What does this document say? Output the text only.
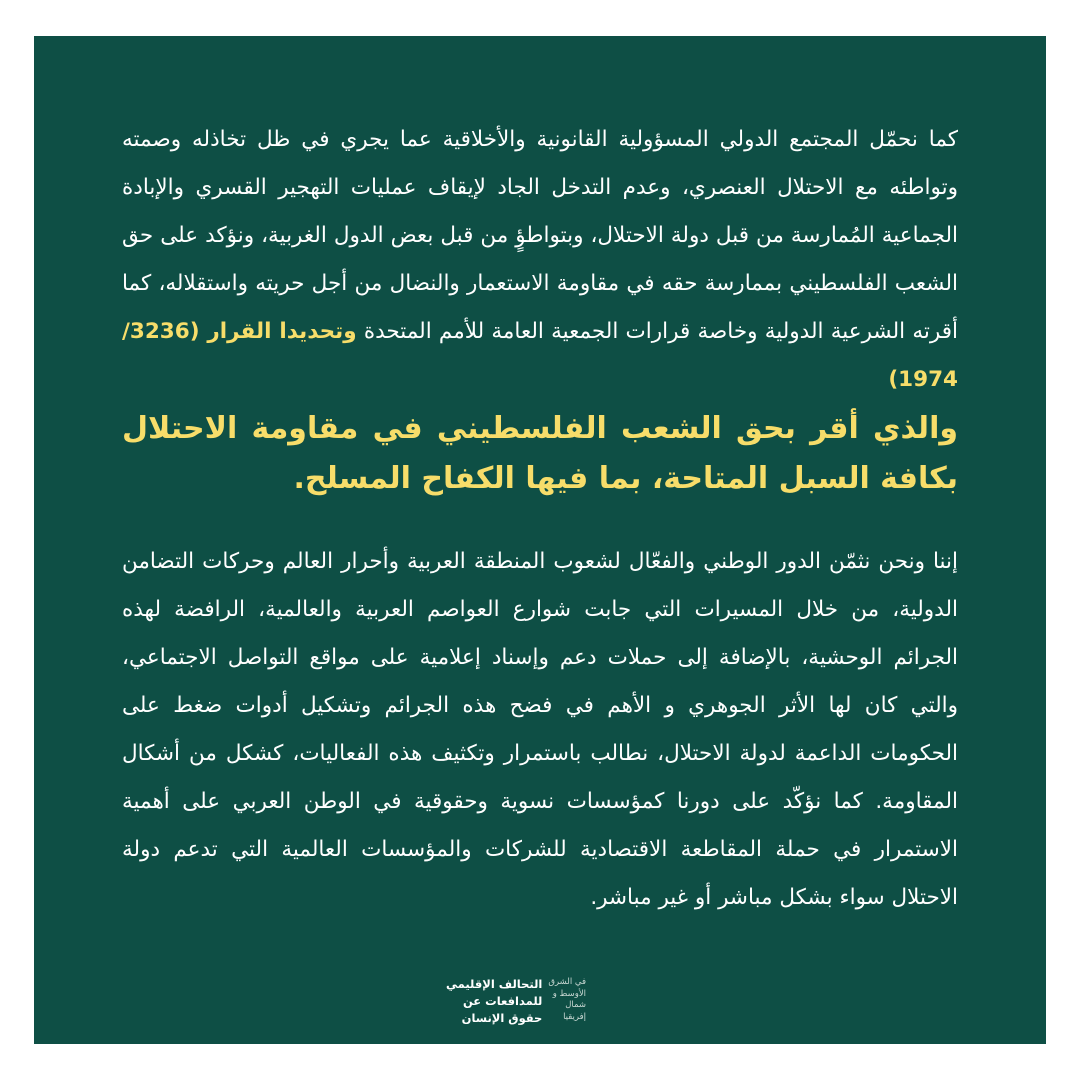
كما نحمّل المجتمع الدولي المسؤولية القانونية والأخلاقية عما يجري في ظل تخاذله وصمته وتواطئه مع الاحتلال العنصري، وعدم التدخل الجاد لإيقاف عمليات التهجير القسري والإبادة الجماعية المُمارسة من قبل دولة الاحتلال، وبتواطؤٍ من قبل بعض الدول الغربية، ونؤكد على حق الشعب الفلسطيني بممارسة حقه في مقاومة الاستعمار والنضال من أجل حريته واستقلاله، كما أقرته الشرعية الدولية وخاصة قرارات الجمعية العامة للأمم المتحدة وتحديدا القرار (3236/ 1974)

والذي أقر بحق الشعب الفلسطيني في مقاومة الاحتلال بكافة السبل المتاحة، بما فيها الكفاح المسلح.

إننا ونحن نثمّن الدور الوطني والفعّال لشعوب المنطقة العربية وأحرار العالم وحركات التضامن الدولية، من خلال المسيرات التي جابت شوارع العواصم العربية والعالمية، الرافضة لهذه الجرائم الوحشية، بالإضافة إلى حملات دعم وإسناد إعلامية على مواقع التواصل الاجتماعي، والتي كان لها الأثر الجوهري و الأهم في فضح هذه الجرائم وتشكيل أدوات ضغط على الحكومات الداعمة لدولة الاحتلال، نطالب باستمرار وتكثيف هذه الفعاليات، كشكل من أشكال المقاومة. كما نؤكّد على دورنا كمؤسسات نسوية وحقوقية في الوطن العربي على أهمية الاستمرار في حملة المقاطعة الاقتصادية للشركات والمؤسسات العالمية التي تدعم دولة الاحتلال سواء بشكل مباشر أو غير مباشر.

التحالف الإقليمي
للمدافعات عن
حقوق الإنسان
في الشرق
الأوسط و
شمال
إفريقيا
